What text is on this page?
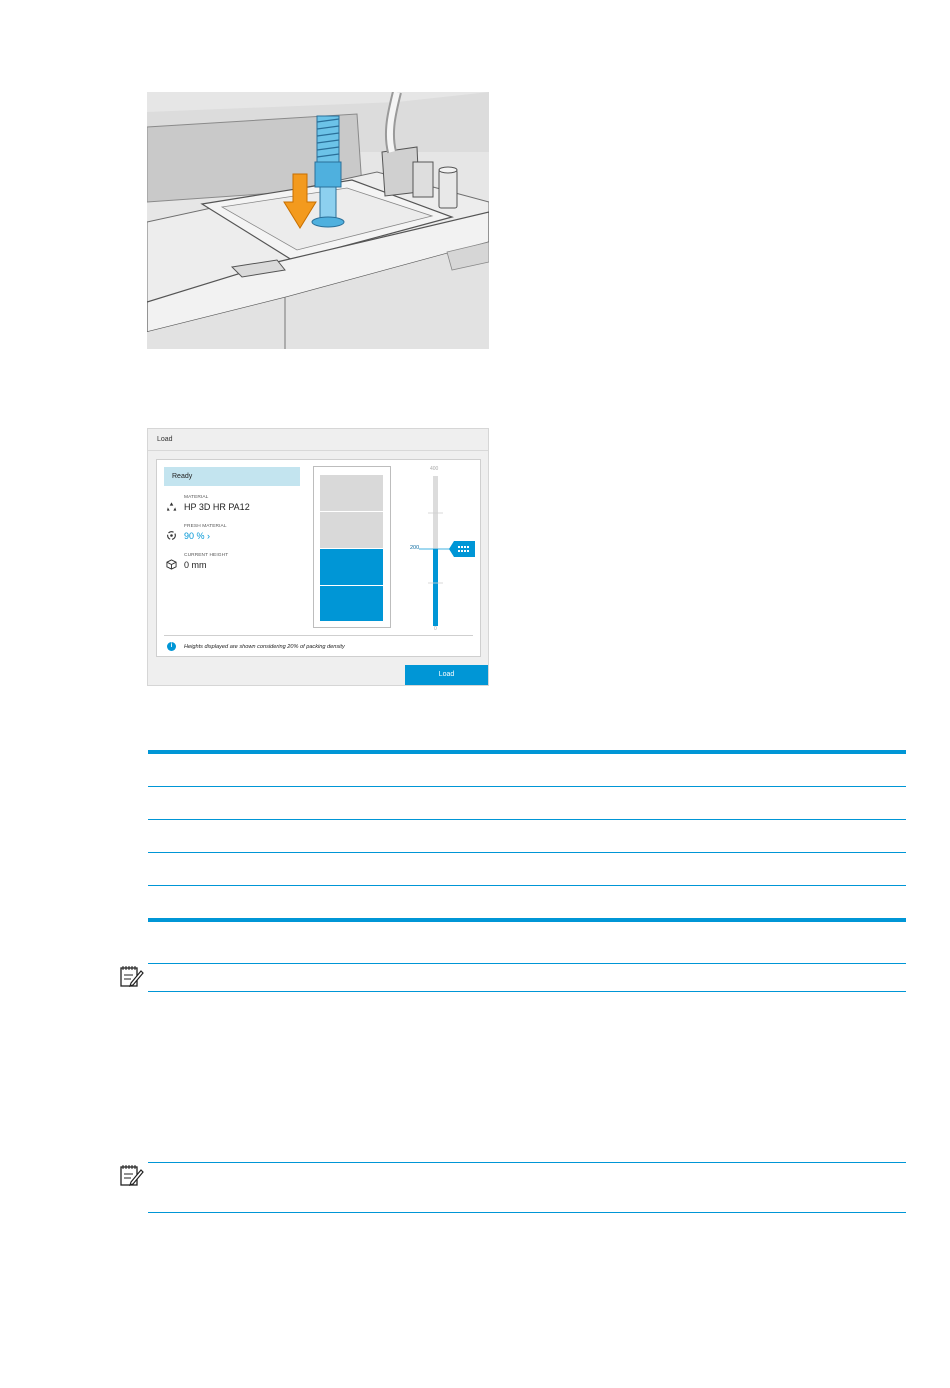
Load
Ready
MATERIAL
HP 3D HR PA12
FRESH MATERIAL
90 % ›
CURRENT HEIGHT
0 mm
400
200
0
i	Heights displayed are shown considering 20% of packing density
Load
